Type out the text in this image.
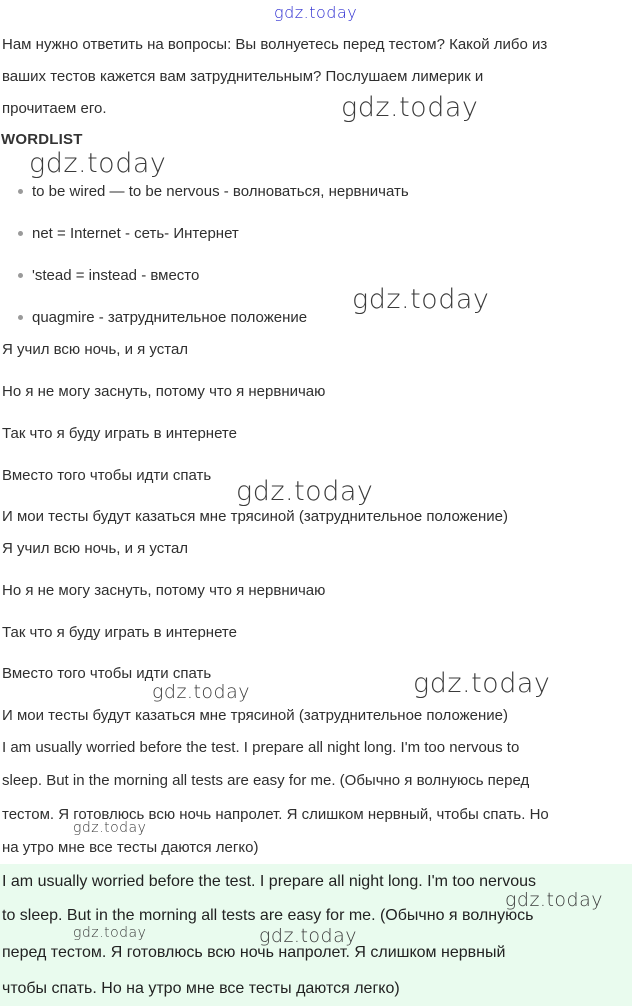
gdz.today
Нам нужно ответить на вопросы: Вы волнуетесь перед тестом? Какой либо из
ваших тестов кажется вам затруднительным? Послушаем лимерик и
прочитаем его.	gdz.today
WORDLIST
gdz.today
to be wired — to be nervous - волноваться, нервничать
net = Internet - сеть- Интернет
'stead = instead - вместо
quagmire - затруднительное положение
gdz.today
Я учил всю ночь, и я устал
Но я не могу заснуть, потому что я нервничаю
Так что я буду играть в интернете
Вместо того чтобы идти спать
И мои тесты будут казаться мне трясиной (затруднительное положение)
gdz.today
Я учил всю ночь, и я устал
Но я не могу заснуть, потому что я нервничаю
Так что я буду играть в интернете
Вместо того чтобы идти спать
И мои тесты будут казаться мне трясиной (затруднительное положение)
gdz.today	gdz.today
I am usually worried before the test. I prepare all night long. I'm too nervous to
sleep. But in the morning all tests are easy for me. (Обычно я волнуюсь перед
тестом. Я готовлюсь всю ночь напролет. Я слишком нервный, чтобы спать. Но
на утро мне все тесты даются легко)
gdz.today
I am usually worried before the test. I prepare all night long. I'm too nervous
to sleep. But in the morning all tests are easy for me. (Обычно я волнуюсь
перед тестом. Я готовлюсь всю ночь напролет. Я слишком нервный
чтобы спать. Но на утро мне все тесты даются легко)
gdz.today
gdz.today	gdz.today
